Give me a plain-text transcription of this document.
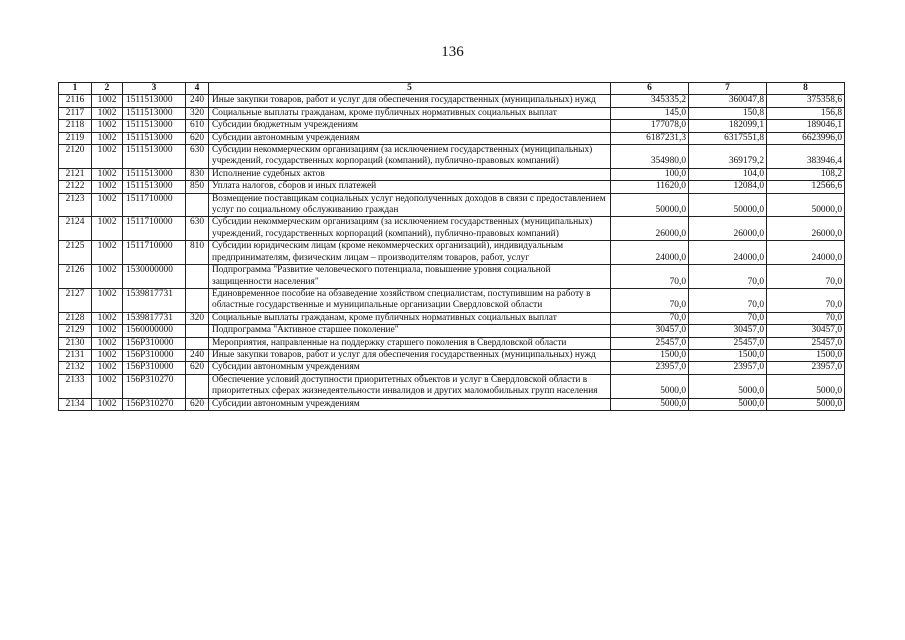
136
1	2	3	4	5	6	7	8
2116	1002	1511513000	240	Иные закупки товаров, работ и услуг для обеспечения государственных (муниципальных) нужд	345335,2	360047,8	375358,6
2117	1002	1511513000	320	Социальные выплаты гражданам, кроме публичных нормативных социальных выплат	145,0	150,8	156,8
2118	1002	1511513000	610	Субсидии бюджетным учреждениям	177078,0	182099,1	189046,1
2119	1002	1511513000	620	Субсидии автономным учреждениям	6187231,3	6317551,8	6623996,0
2120	1002	1511513000	630	Субсидии некоммерческим организациям (за исключением государственных (муниципальных) учреждений, государственных корпораций (компаний), публично-правовых компаний)	354980,0	369179,2	383946,4
2121	1002	1511513000	830	Исполнение судебных актов	100,0	104,0	108,2
2122	1002	1511513000	850	Уплата налогов, сборов и иных платежей	11620,0	12084,0	12566,6
2123	1002	1511710000		Возмещение поставщикам социальных услуг недополученных доходов в связи с предоставлением услуг по социальному обслуживанию граждан	50000,0	50000,0	50000,0
2124	1002	1511710000	630	Субсидии некоммерческим организациям (за исключением государственных (муниципальных) учреждений, государственных корпораций (компаний), публично-правовых компаний)	26000,0	26000,0	26000,0
2125	1002	1511710000	810	Субсидии юридическим лицам (кроме некоммерческих организаций), индивидуальным предпринимателям, физическим лицам – производителям товаров, работ, услуг	24000,0	24000,0	24000,0
2126	1002	1530000000		Подпрограмма "Развитие человеческого потенциала, повышение уровня социальной защищенности населения"	70,0	70,0	70,0
2127	1002	1539817731		Единовременное пособие на обзаведение хозяйством специалистам, поступившим на работу в областные государственные и муниципальные организации Свердловской области	70,0	70,0	70,0
2128	1002	1539817731	320	Социальные выплаты гражданам, кроме публичных нормативных социальных выплат	70,0	70,0	70,0
2129	1002	1560000000		Подпрограмма "Активное старшее поколение"	30457,0	30457,0	30457,0
2130	1002	156P310000		Мероприятия, направленные на поддержку старшего поколения в Свердловской области	25457,0	25457,0	25457,0
2131	1002	156P310000	240	Иные закупки товаров, работ и услуг для обеспечения государственных (муниципальных) нужд	1500,0	1500,0	1500,0
2132	1002	156P310000	620	Субсидии автономным учреждениям	23957,0	23957,0	23957,0
2133	1002	156P310270		Обеспечение условий доступности приоритетных объектов и услуг в Свердловской области в приоритетных сферах жизнедеятельности инвалидов и других маломобильных групп населения	5000,0	5000,0	5000,0
2134	1002	156P310270	620	Субсидии автономным учреждениям	5000,0	5000,0	5000,0
